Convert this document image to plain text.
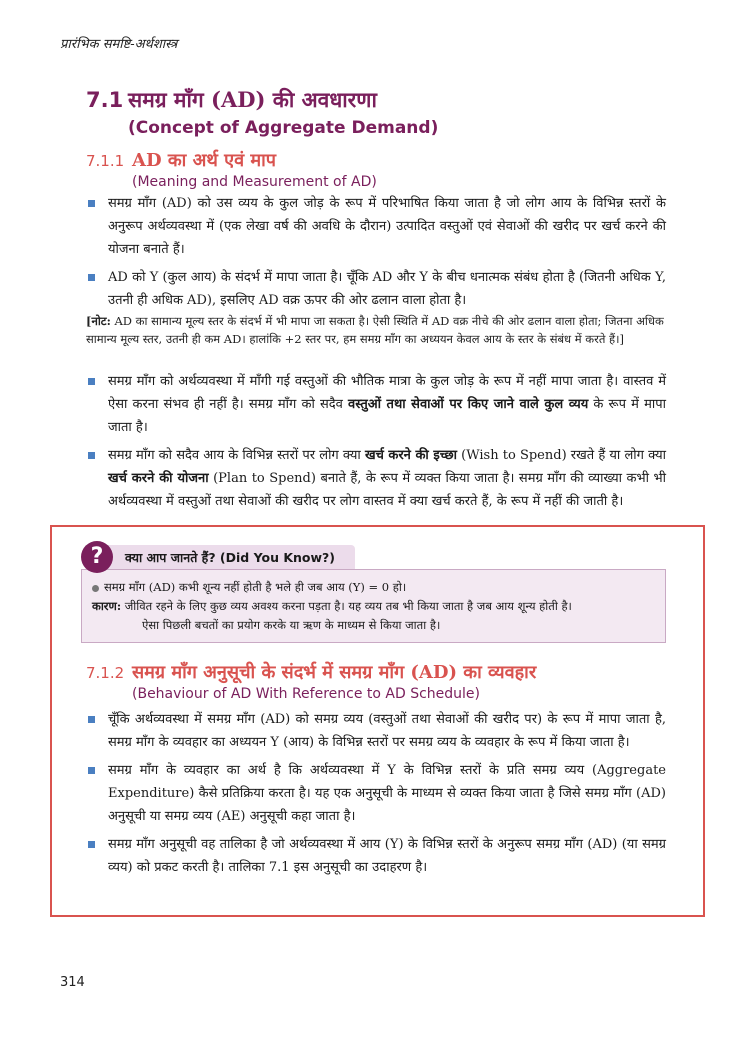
प्रारंभिक समष्टि-अर्थशास्त्र
7.1 समग्र माँग (AD) की अवधारणा
(Concept of Aggregate Demand)
7.1.1 AD का अर्थ एवं माप
(Meaning and Measurement of AD)
समग्र माँग (AD) को उस व्यय के कुल जोड़ के रूप में परिभाषित किया जाता है जो लोग आय के विभिन्न स्तरों के अनुरूप अर्थव्यवस्था में (एक लेखा वर्ष की अवधि के दौरान) उत्पादित वस्तुओं एवं सेवाओं की खरीद पर खर्च करने की योजना बनाते हैं।
AD को Y (कुल आय) के संदर्भ में मापा जाता है। चूँकि AD और Y के बीच धनात्मक संबंध होता है (जितनी अधिक Y, उतनी ही अधिक AD), इसलिए AD वक्र ऊपर की ओर ढलान वाला होता है।
[नोट: AD का सामान्य मूल्य स्तर के संदर्भ में भी मापा जा सकता है। ऐसी स्थिति में AD वक्र नीचे की ओर ढलान वाला होता; जितना अधिक सामान्य मूल्य स्तर, उतनी ही कम AD। हालांकि +2 स्तर पर, हम समग्र माँग का अध्ययन केवल आय के स्तर के संबंध में करते हैं।]
समग्र माँग को अर्थव्यवस्था में माँगी गई वस्तुओं की भौतिक मात्रा के कुल जोड़ के रूप में नहीं मापा जाता है। वास्तव में ऐसा करना संभव ही नहीं है। समग्र माँग को सदैव वस्तुओं तथा सेवाओं पर किए जाने वाले कुल व्यय के रूप में मापा जाता है।
समग्र माँग को सदैव आय के विभिन्न स्तरों पर लोग क्या खर्च करने की इच्छा (Wish to Spend) रखते हैं या लोग क्या खर्च करने की योजना (Plan to Spend) बनाते हैं, के रूप में व्यक्त किया जाता है। समग्र माँग की व्याख्या कभी भी अर्थव्यवस्था में वस्तुओं तथा सेवाओं की खरीद पर लोग वास्तव में क्या खर्च करते हैं, के रूप में नहीं की जाती है।
समग्र माँग (AD) कभी शून्य नहीं होती है भले ही जब आय (Y) = 0 हो।
कारण: जीवित रहने के लिए कुछ व्यय अवश्य करना पड़ता है। यह व्यय तब भी किया जाता है जब आय शून्य होती है।
ऐसा पिछली बचतों का प्रयोग करके या ऋण के माध्यम से किया जाता है।
क्या आप जानते हैं? (Did You Know?)
?
7.1.2 समग्र माँग अनुसूची के संदर्भ में समग्र माँग (AD) का व्यवहार
(Behaviour of AD With Reference to AD Schedule)
चूँकि अर्थव्यवस्था में समग्र माँग (AD) को समग्र व्यय (वस्तुओं तथा सेवाओं की खरीद पर) के रूप में मापा जाता है, समग्र माँग के व्यवहार का अध्ययन Y (आय) के विभिन्न स्तरों पर समग्र व्यय के व्यवहार के रूप में किया जाता है।
समग्र माँग के व्यवहार का अर्थ है कि अर्थव्यवस्था में Y के विभिन्न स्तरों के प्रति समग्र व्यय (Aggregate Expenditure) कैसे प्रतिक्रिया करता है। यह एक अनुसूची के माध्यम से व्यक्त किया जाता है जिसे समग्र माँग (AD) अनुसूची या समग्र व्यय (AE) अनुसूची कहा जाता है।
समग्र माँग अनुसूची वह तालिका है जो अर्थव्यवस्था में आय (Y) के विभिन्न स्तरों के अनुरूप समग्र माँग (AD) (या समग्र व्यय) को प्रकट करती है। तालिका 7.1 इस अनुसूची का उदाहरण है।
314
